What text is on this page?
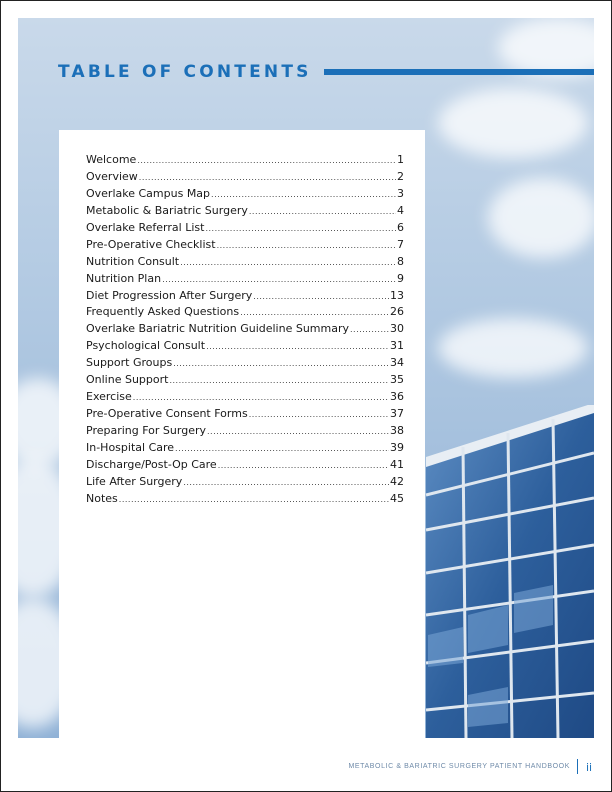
TABLE OF CONTENTS
Welcome .....	1
Overview .....	2
Overlake Campus Map .....	3
Metabolic & Bariatric Surgery .....	4
Overlake Referral List .....	6
Pre-Operative Checklist .....	7
Nutrition Consult .....	8
Nutrition Plan .....	9
Diet Progression After Surgery .....	13
Frequently Asked Questions .....	26
Overlake Bariatric Nutrition Guideline Summary .....	30
Psychological Consult .....	31
Support Groups .....	34
Online Support .....	35
Exercise .....	36
Pre-Operative Consent Forms .....	37
Preparing For Surgery .....	38
In-Hospital Care .....	39
Discharge/Post-Op Care .....	41
Life After Surgery .....	42
Notes .....	45
METABOLIC & BARIATRIC SURGERY PATIENT HANDBOOK ii
